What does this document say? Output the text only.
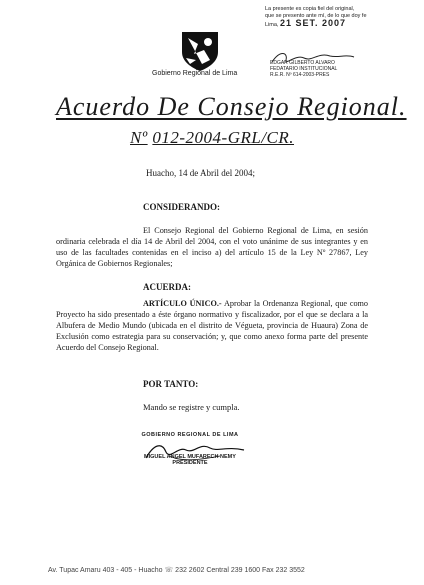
Gobierno Regional de Lima
La presente es copia fiel del original,
que se presento ante mí, de lo que doy fe
Lima, 21 SET. 2007
EDGAR GILBERTO ALVARO
FEDATARIO INSTITUCIONAL
R.E.R. Nº 614-2003-PRES
Acuerdo De Consejo Regional.
Nº 012-2004-GRL/CR.
Huacho, 14 de Abril del 2004;
CONSIDERANDO:
El Consejo Regional del Gobierno Regional de Lima, en sesión ordinaria celebrada el día 14 de Abril del 2004, con el voto unánime de sus integrantes y en uso de las facultades contenidas en el inciso a) del artículo 15 de la Ley Nº 27867, Ley Orgánica de Gobiernos Regionales;
ACUERDA:
ARTÍCULO ÚNICO.- Aprobar la Ordenanza Regional, que como Proyecto ha sido presentado a éste órgano normativo y fiscalizador, por el que se declara a la Albufera de Medio Mundo (ubicada en el distrito de Végueta, provincia de Huaura) Zona de Exclusión como estrategia para su conservación; y, que como anexo forma parte del presente Acuerdo del Consejo Regional.
POR TANTO:
Mando se registre y cumpla.
GOBIERNO REGIONAL DE LIMA
MIGUEL ANGEL MUFARECH NEMY
PRESIDENTE
Av. Tupac Amaru 403 - 405 - Huacho ☏ 232 2602 Central 239 1600 Fax 232 3552
